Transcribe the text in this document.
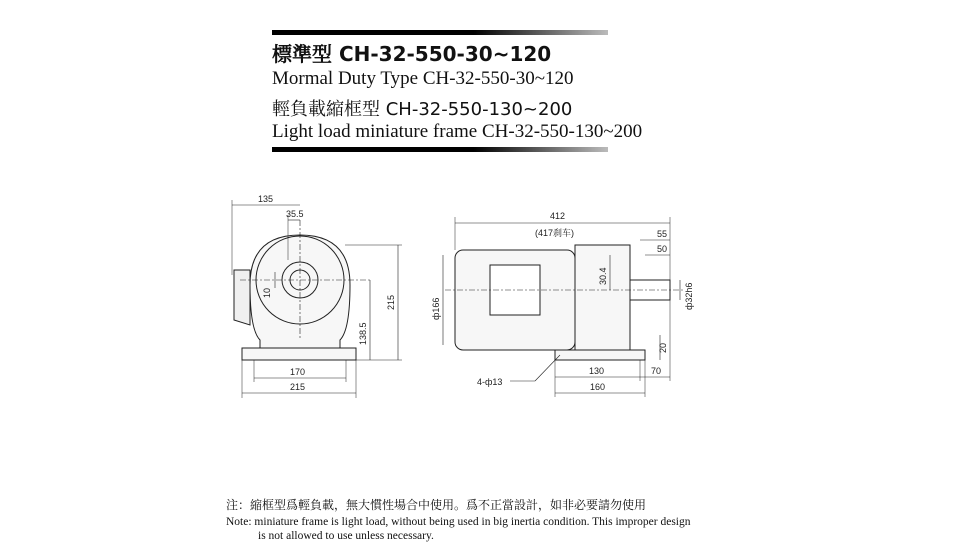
標準型 CH-32-550-30~120
Mormal Duty Type CH-32-550-30~120
輕負載縮框型 CH-32-550-130~200
Light load miniature frame CH-32-550-130~200
135
35.5
10
138.5
215
170
215
412
(417刹车)	55
50
30.4
ф166	ф32h6
20
130	70
160
4-ф13
注：縮框型爲輕負載，無大慣性場合中使用。爲不正當設計，如非必要請勿使用
Note: miniature frame is light load, without being used in big inertia condition. This improper design
is not allowed to use unless necessary.
